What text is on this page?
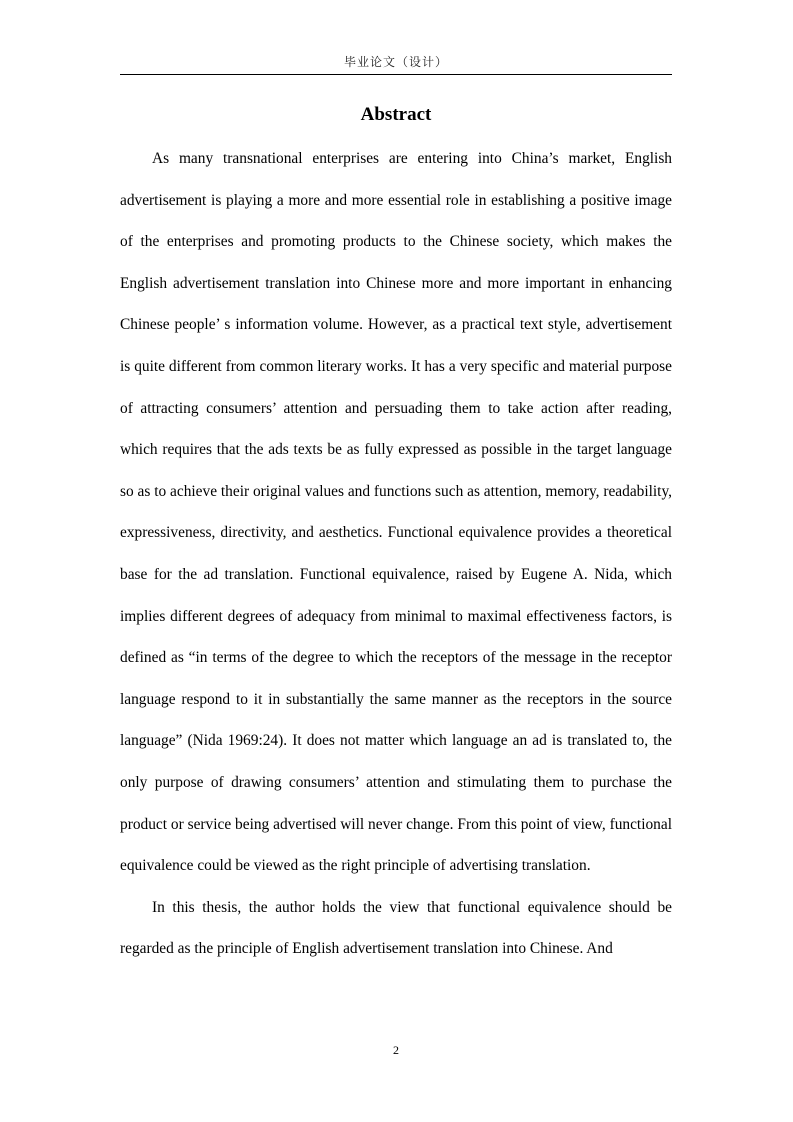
毕业论文（设计）
Abstract

As many transnational enterprises are entering into China’s market, English advertisement is playing a more and more essential role in establishing a positive image of the enterprises and promoting products to the Chinese society, which makes the English advertisement translation into Chinese more and more important in enhancing Chinese people’ s information volume. However, as a practical text style, advertisement is quite different from common literary works. It has a very specific and material purpose of attracting consumers’ attention and persuading them to take action after reading, which requires that the ads texts be as fully expressed as possible in the target language so as to achieve their original values and functions such as attention, memory, readability, expressiveness, directivity, and aesthetics. Functional equivalence provides a theoretical base for the ad translation. Functional equivalence, raised by Eugene A. Nida, which implies different degrees of adequacy from minimal to maximal effectiveness factors, is defined as “in terms of the degree to which the receptors of the message in the receptor language respond to it in substantially the same manner as the receptors in the source language” (Nida 1969:24). It does not matter which language an ad is translated to, the only purpose of drawing consumers’ attention and stimulating them to purchase the product or service being advertised will never change. From this point of view, functional equivalence could be viewed as the right principle of advertising translation.

In this thesis, the author holds the view that functional equivalence should be regarded as the principle of English advertisement translation into Chinese. And

2
